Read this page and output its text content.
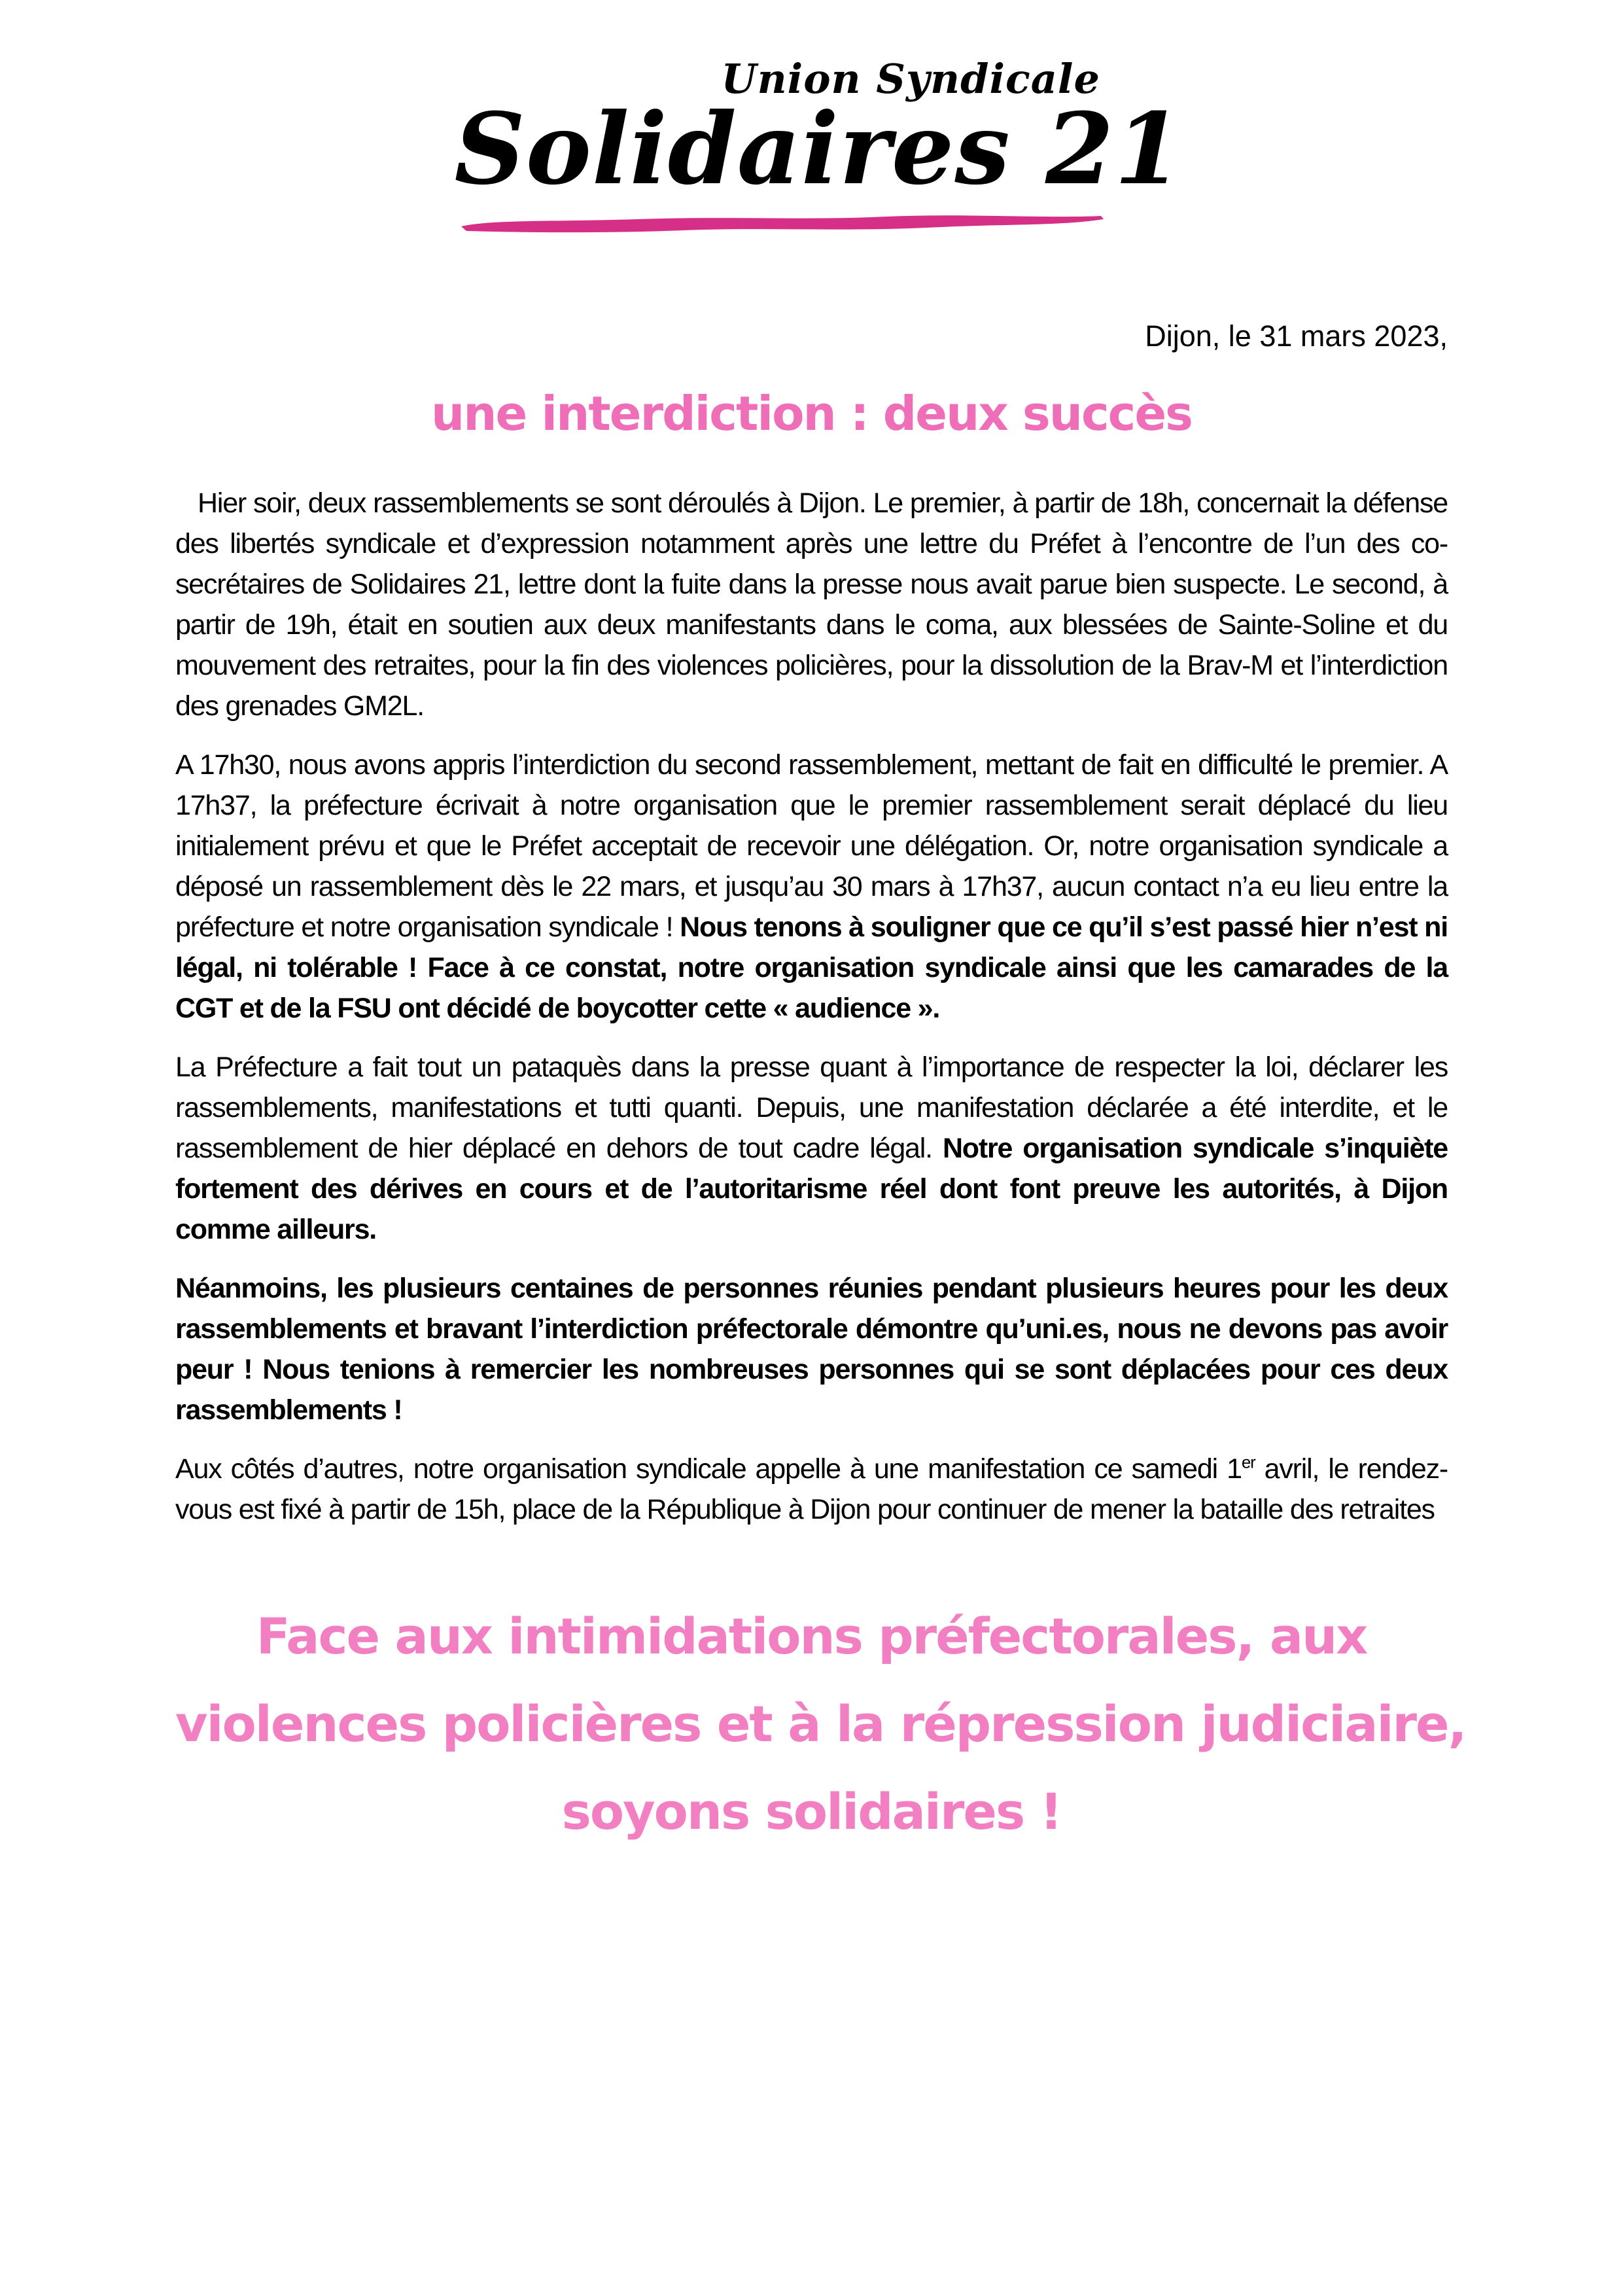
Union Syndicale
Solidaires 21
Dijon, le 31 mars 2023,
une interdiction : deux succès

Hier soir, deux rassemblements se sont déroulés à Dijon. Le premier, à partir de 18h, concernait la défense des libertés syndicale et d’expression notamment après une lettre du Préfet à l’encontre de l’un des co-secrétaires de Solidaires 21, lettre dont la fuite dans la presse nous avait parue bien suspecte. Le second, à partir de 19h, était en soutien aux deux manifestants dans le coma, aux blessées de Sainte-Soline et du mouvement des retraites, pour la fin des violences policières, pour la dissolution de la Brav-M et l’interdiction des grenades GM2L.

A 17h30, nous avons appris l’interdiction du second rassemblement, mettant de fait en difficulté le premier. A 17h37, la préfecture écrivait à notre organisation que le premier rassemblement serait déplacé du lieu initialement prévu et que le Préfet acceptait de recevoir une délégation. Or, notre organisation syndicale a déposé un rassemblement dès le 22 mars, et jusqu’au 30 mars à 17h37, aucun contact n’a eu lieu entre la préfecture et notre organisation syndicale ! Nous tenons à souligner que ce qu’il s’est passé hier n’est ni légal, ni tolérable ! Face à ce constat, notre organisation syndicale ainsi que les camarades de la CGT et de la FSU ont décidé de boycotter cette « audience ».

La Préfecture a fait tout un pataquès dans la presse quant à l’importance de respecter la loi, déclarer les rassemblements, manifestations et tutti quanti. Depuis, une manifestation déclarée a été interdite, et le rassemblement de hier déplacé en dehors de tout cadre légal. Notre organisation syndicale s’inquiète fortement des dérives en cours et de l’autoritarisme réel dont font preuve les autorités, à Dijon comme ailleurs.

Néanmoins, les plusieurs centaines de personnes réunies pendant plusieurs heures pour les deux rassemblements et bravant l’interdiction préfectorale démontre qu’uni.es, nous ne devons pas avoir peur ! Nous tenions à remercier les nombreuses personnes qui se sont déplacées pour ces deux rassemblements !

Aux côtés d’autres, notre organisation syndicale appelle à une manifestation ce samedi 1er avril, le rendez-vous est fixé à partir de 15h, place de la République à Dijon pour continuer de mener la bataille des retraites

Face aux intimidations préfectorales, aux
violences policières et à la répression judiciaire,
soyons solidaires !
